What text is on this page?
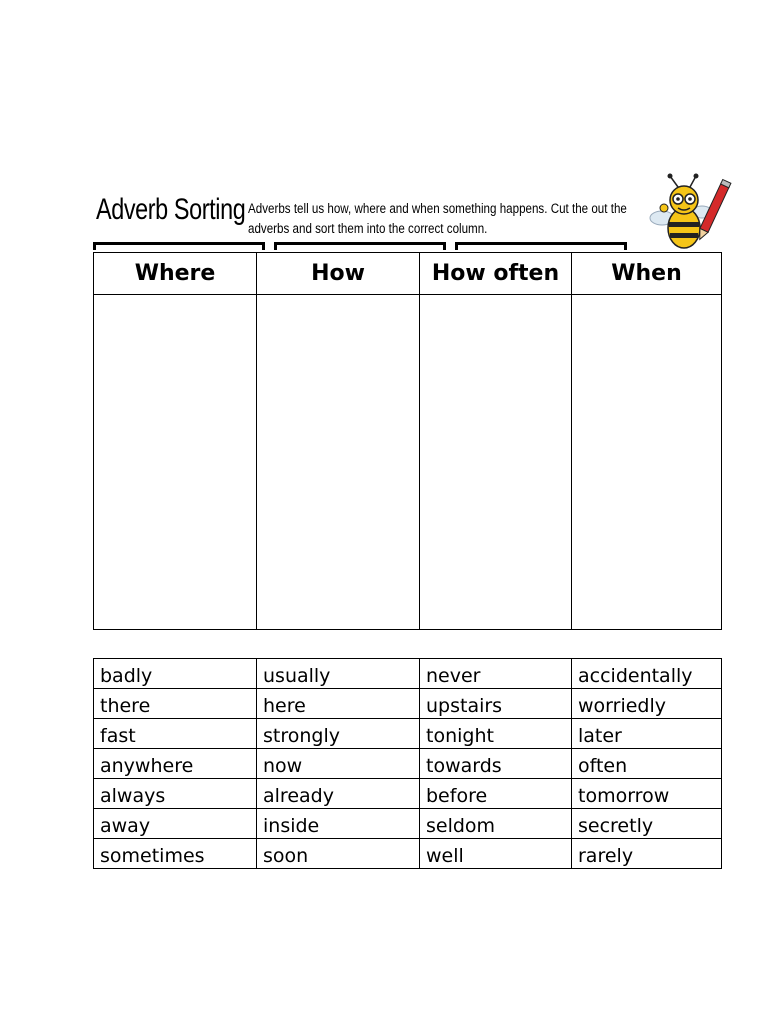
Adverb Sorting Adverbs tell us how, where and when something happens. Cut the out the
adverbs and sort them into the correct column.
Where	How	How often	When

badly	usually	never	accidentally
there	here	upstairs	worriedly
fast	strongly	tonight	later
anywhere	now	towards	often
always	already	before	tomorrow
away	inside	seldom	secretly
sometimes	soon	well	rarely
